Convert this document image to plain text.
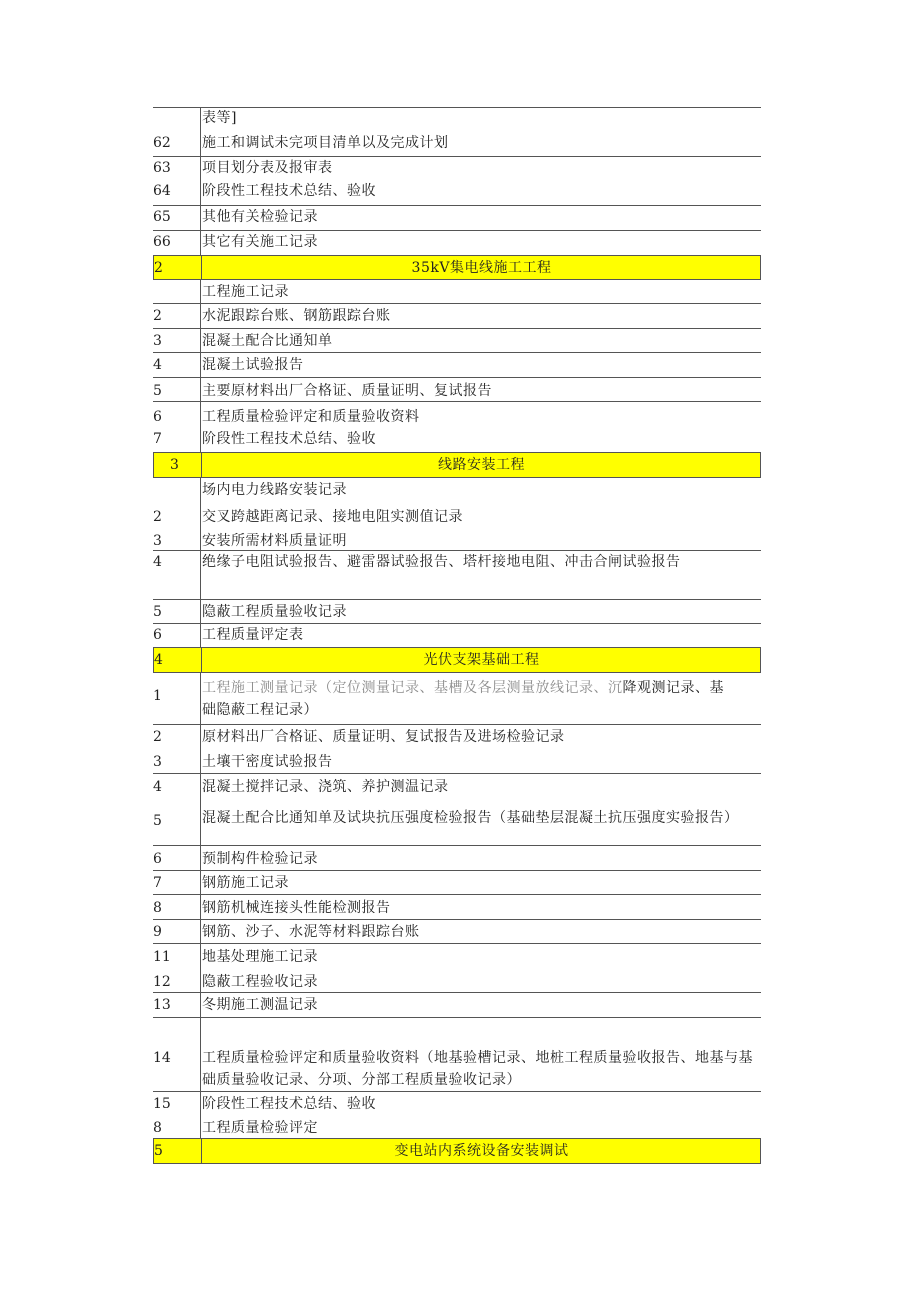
表等]
62	施工和调试未完项目清单以及完成计划
63	项目划分表及报审表
64	阶段性工程技术总结、验收
65	其他有关检验记录
66	其它有关施工记录
2	35kV集电线施工工程
工程施工记录
2	水泥跟踪台账、钢筋跟踪台账
3	混凝土配合比通知单
4	混凝土试验报告
5	主要原材料出厂合格证、质量证明、复试报告
6	工程质量检验评定和质量验收资料
7	阶段性工程技术总结、验收
3	线路安装工程
场内电力线路安装记录
2	交叉跨越距离记录、接地电阻实测值记录
3	安装所需材料质量证明
4	绝缘子电阻试验报告、避雷器试验报告、塔杆接地电阻、冲击合闸试验报告
5	隐蔽工程质量验收记录
6	工程质量评定表
4	光伏支架基础工程
1	工程施工测量记录（定位测量记录、基槽及各层测量放线记录、沉降观测记录、基
础隐蔽工程记录）
2	原材料出厂合格证、质量证明、复试报告及进场检验记录
3	土壤干密度试验报告
4	混凝土搅拌记录、浇筑、养护测温记录
5	混凝土配合比通知单及试块抗压强度检验报告（基础垫层混凝土抗压强度实验报告）
6	预制构件检验记录
7	钢筋施工记录
8	钢筋机械连接头性能检测报告
9	钢筋、沙子、水泥等材料跟踪台账
11	地基处理施工记录
12	隐蔽工程验收记录
13	冬期施工测温记录
14	工程质量检验评定和质量验收资料（地基验槽记录、地桩工程质量验收报告、地基与基础质量验收记录、分项、分部工程质量验收记录）
15	阶段性工程技术总结、验收
8	工程质量检验评定
5	变电站内系统设备安装调试
